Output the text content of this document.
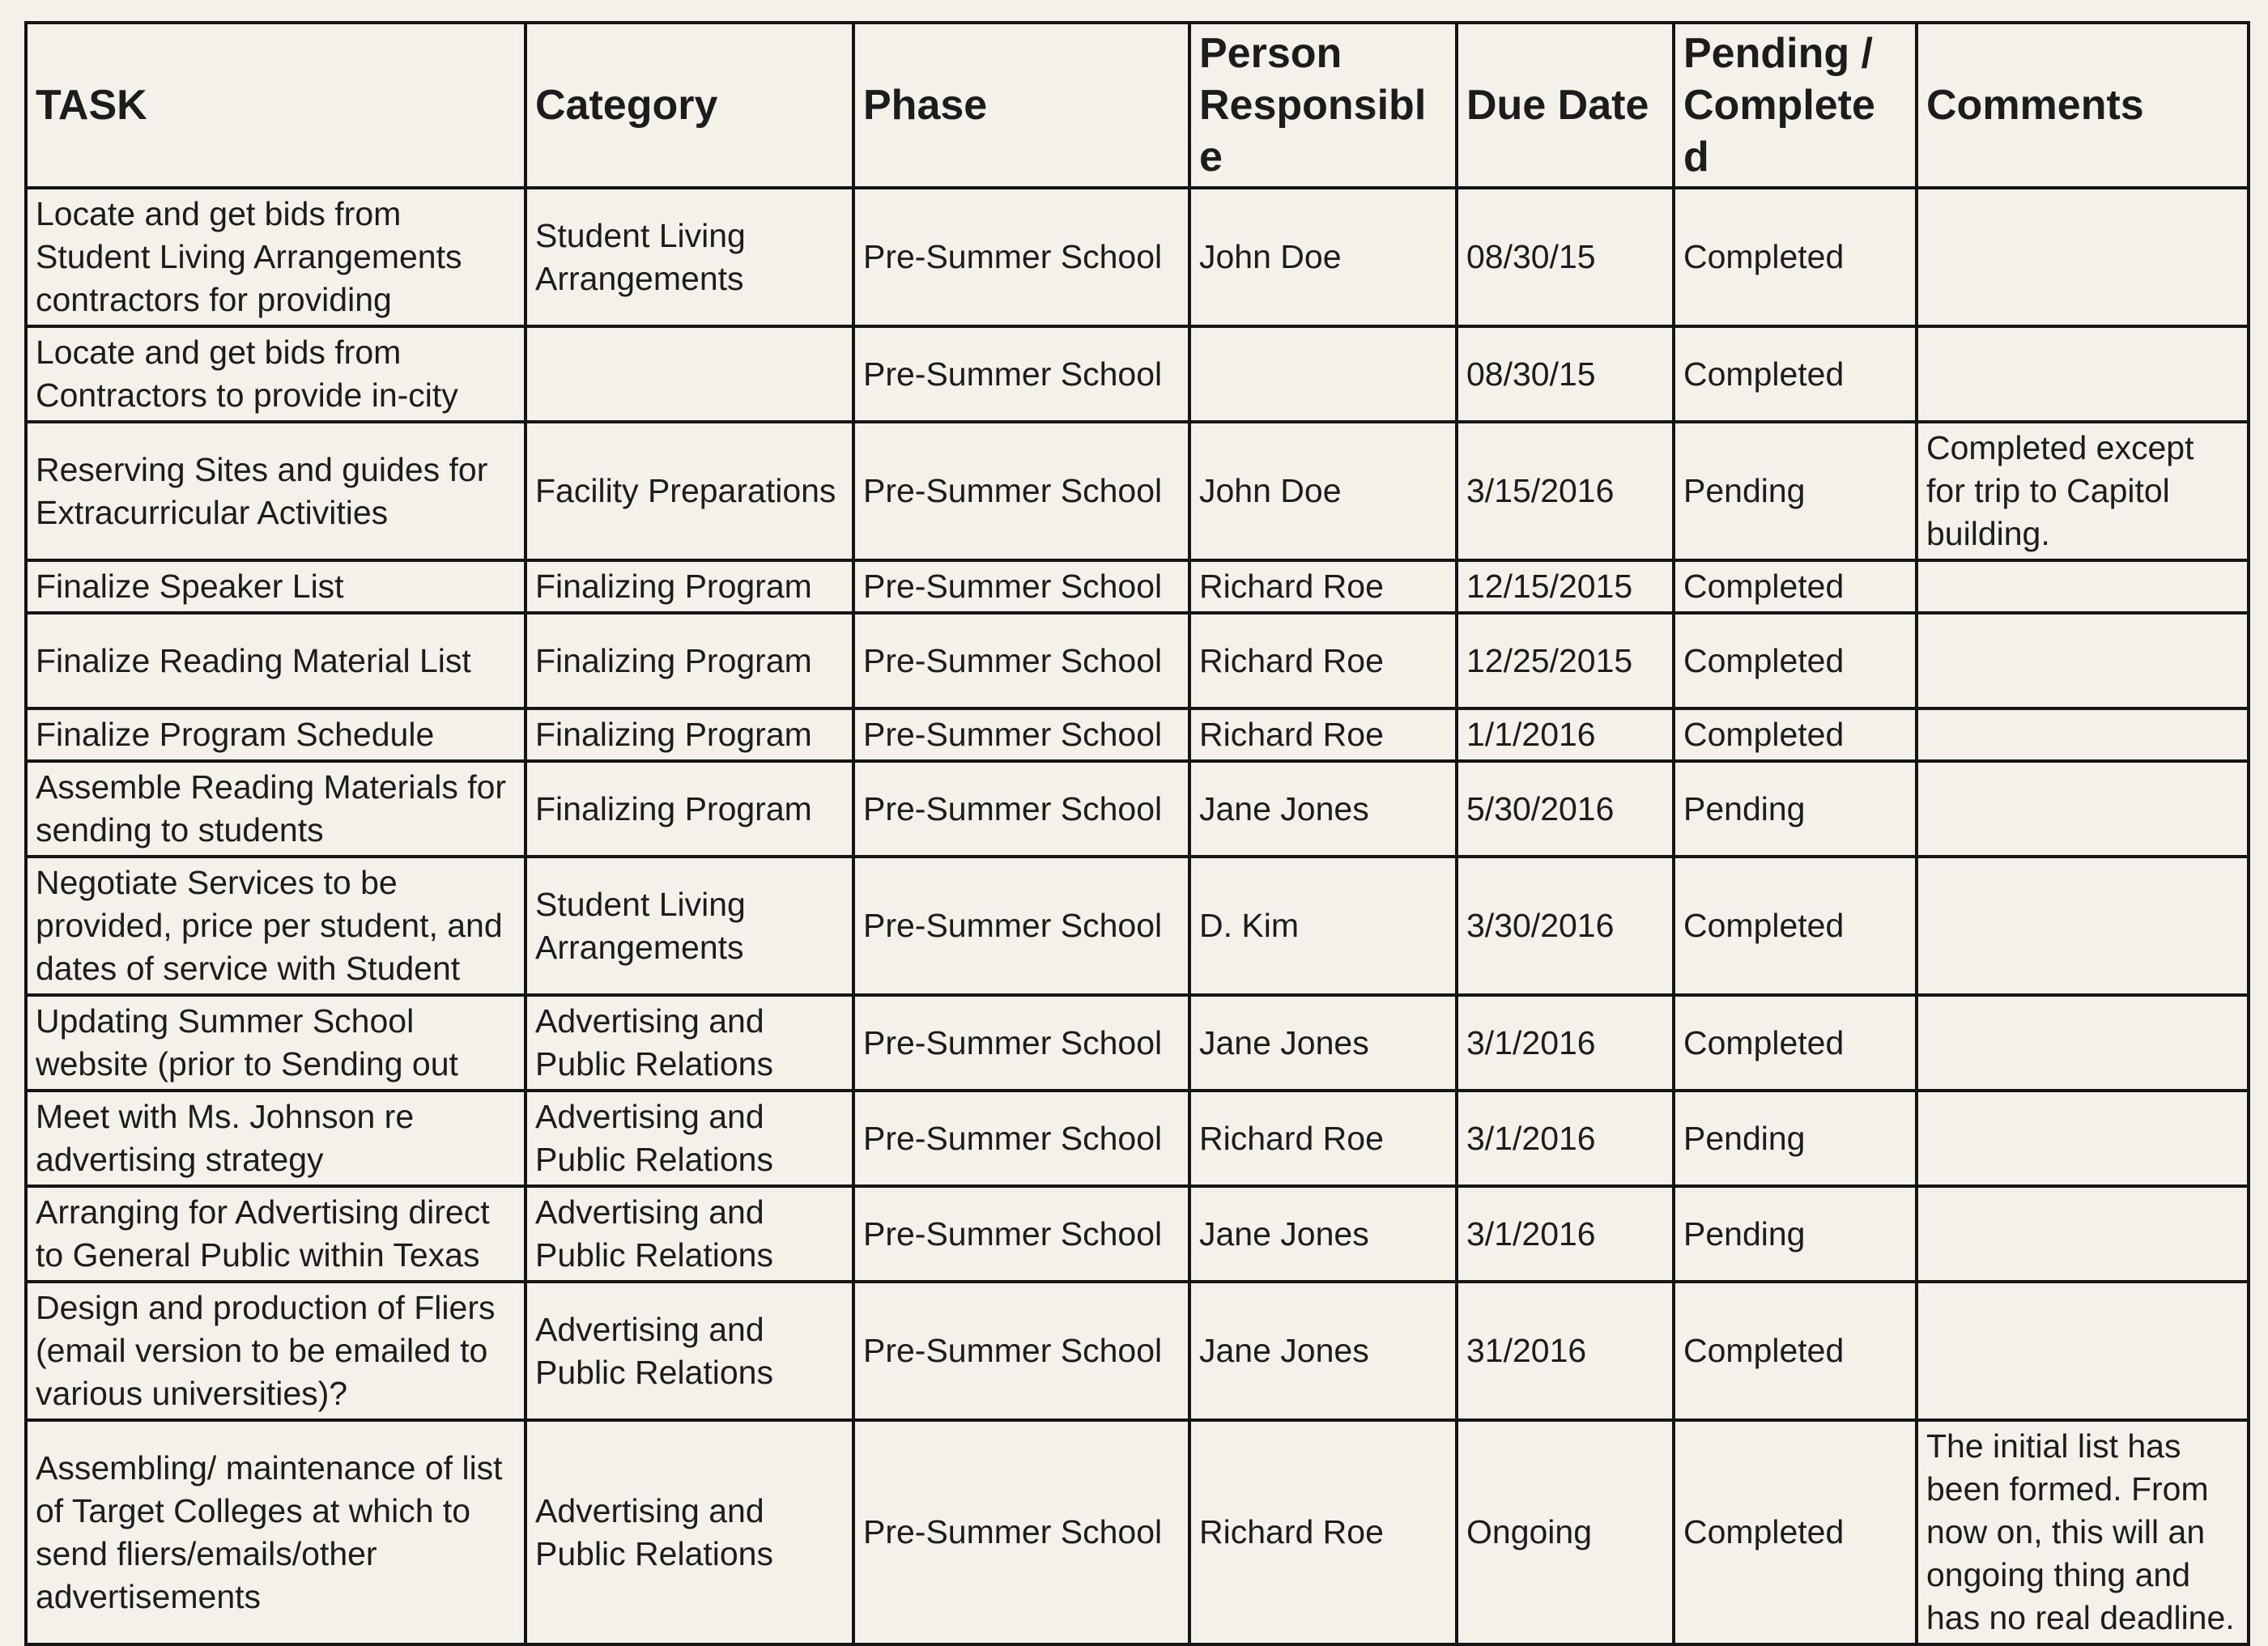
TASK	Category	Phase	Person Responsibl e	Due Date	Pending / Complete d	Comments
Locate and get bids from Student Living Arrangements contractors for providing	Student Living Arrangements	Pre-Summer School	John Doe	08/30/15	Completed	
Locate and get bids from Contractors to provide in-city		Pre-Summer School		08/30/15	Completed	
Reserving Sites and guides for Extracurricular Activities	Facility Preparations	Pre-Summer School	John Doe	3/15/2016	Pending	Completed except for trip to Capitol building.
Finalize Speaker List	Finalizing Program	Pre-Summer School	Richard Roe	12/15/2015	Completed	
Finalize Reading Material List	Finalizing Program	Pre-Summer School	Richard Roe	12/25/2015	Completed	
Finalize Program Schedule	Finalizing Program	Pre-Summer School	Richard Roe	1/1/2016	Completed	
Assemble Reading Materials for sending to students	Finalizing Program	Pre-Summer School	Jane Jones	5/30/2016	Pending	
Negotiate Services to be provided, price per student, and dates of service with Student	Student Living Arrangements	Pre-Summer School	D. Kim	3/30/2016	Completed	
Updating Summer School website (prior to Sending out	Advertising and Public Relations	Pre-Summer School	Jane Jones	3/1/2016	Completed	
Meet with Ms. Johnson re advertising strategy	Advertising and Public Relations	Pre-Summer School	Richard Roe	3/1/2016	Pending	
Arranging for Advertising direct to General Public within Texas	Advertising and Public Relations	Pre-Summer School	Jane Jones	3/1/2016	Pending	
Design and production of Fliers (email version to be emailed to various universities)?	Advertising and Public Relations	Pre-Summer School	Jane Jones	31/2016	Completed	
Assembling/ maintenance of list of Target Colleges at which to send fliers/emails/other advertisements	Advertising and Public Relations	Pre-Summer School	Richard Roe	Ongoing	Completed	The initial list has been formed. From now on, this will an ongoing thing and has no real deadline.
